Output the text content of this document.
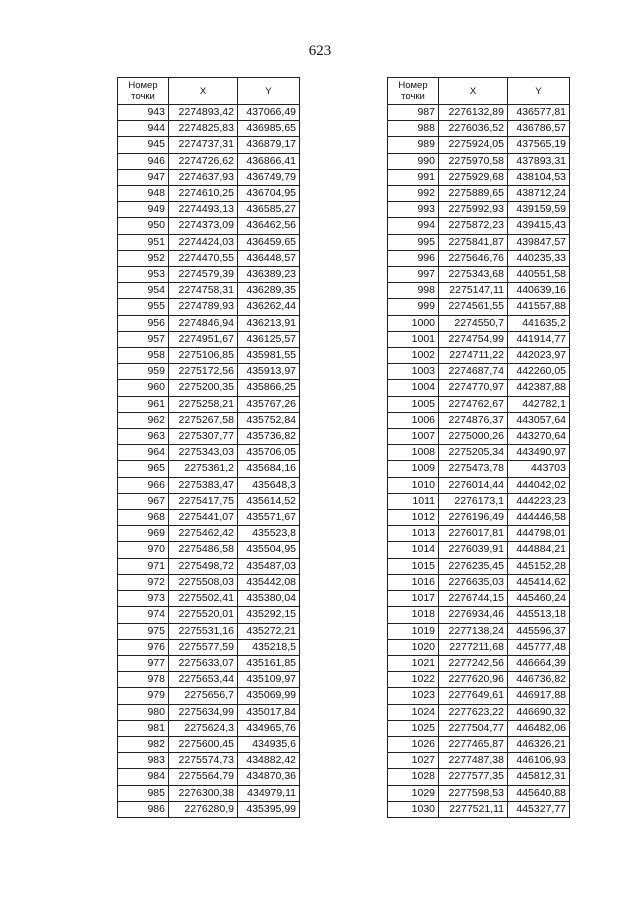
623
Номер
точки	X	Y
943	2274893,42	437066,49
944	2274825,83	436985,65
945	2274737,31	436879,17
946	2274726,62	436866,41
947	2274637,93	436749,79
948	2274610,25	436704,95
949	2274493,13	436585,27
950	2274373,09	436462,56
951	2274424,03	436459,65
952	2274470,55	436448,57
953	2274579,39	436389,23
954	2274758,31	436289,35
955	2274789,93	436262,44
956	2274846,94	436213,91
957	2274951,67	436125,57
958	2275106,85	435981,55
959	2275172,56	435913,97
960	2275200,35	435866,25
961	2275258,21	435767,26
962	2275267,58	435752,84
963	2275307,77	435736,82
964	2275343,03	435706,05
965	2275361,2	435684,16
966	2275383,47	435648,3
967	2275417,75	435614,52
968	2275441,07	435571,67
969	2275462,42	435523,8
970	2275486,58	435504,95
971	2275498,72	435487,03
972	2275508,03	435442,08
973	2275502,41	435380,04
974	2275520,01	435292,15
975	2275531,16	435272,21
976	2275577,59	435218,5
977	2275633,07	435161,85
978	2275653,44	435109,97
979	2275656,7	435069,99
980	2275634,99	435017,84
981	2275624,3	434965,76
982	2275600,45	434935,6
983	2275574,73	434882,42
984	2275564,79	434870,36
985	2276300,38	434979,11
986	2276280,9	435395,99
Номер
точки	X	Y
987	2276132,89	436577,81
988	2276036,52	436786,57
989	2275924,05	437565,19
990	2275970,58	437893,31
991	2275929,68	438104,53
992	2275889,65	438712,24
993	2275992,93	439159,59
994	2275872,23	439415,43
995	2275841,87	439847,57
996	2275646,76	440235,33
997	2275343,68	440551,58
998	2275147,11	440639,16
999	2274561,55	441557,88
1000	2274550,7	441635,2
1001	2274754,99	441914,77
1002	2274711,22	442023,97
1003	2274687,74	442260,05
1004	2274770,97	442387,88
1005	2274762,67	442782,1
1006	2274876,37	443057,64
1007	2275000,26	443270,64
1008	2275205,34	443490,97
1009	2275473,78	443703
1010	2276014,44	444042,02
1011	2276173,1	444223,23
1012	2276196,49	444446,58
1013	2276017,81	444798,01
1014	2276039,91	444884,21
1015	2276235,45	445152,28
1016	2276635,03	445414,62
1017	2276744,15	445460,24
1018	2276934,46	445513,18
1019	2277138,24	445596,37
1020	2277211,68	445777,48
1021	2277242,56	446664,39
1022	2277620,96	446736,82
1023	2277649,61	446917,88
1024	2277623,22	446690,32
1025	2277504,77	446482,06
1026	2277465,87	446326,21
1027	2277487,38	446106,93
1028	2277577,35	445812,31
1029	2277598,53	445640,88
1030	2277521,11	445327,77
